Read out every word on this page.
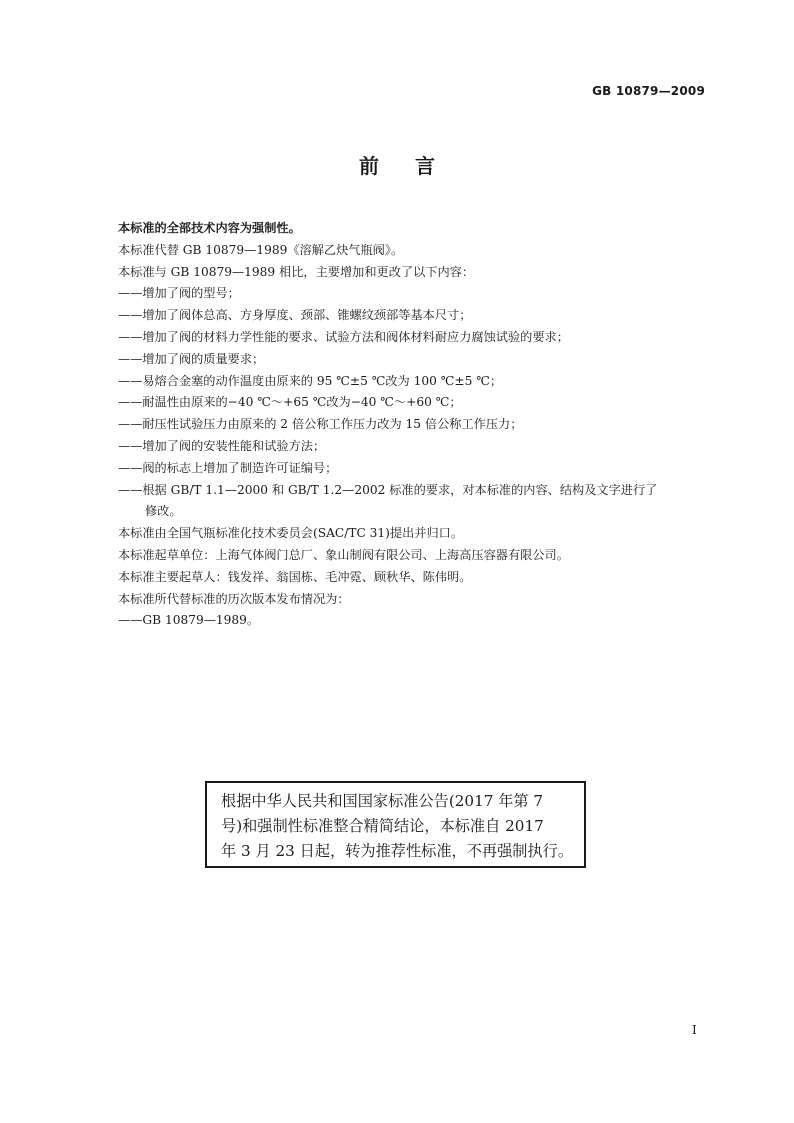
GB 10879—2009
前言
本标准的全部技术内容为强制性。
本标准代替 GB 10879—1989《溶解乙炔气瓶阀》。
本标准与 GB 10879—1989 相比，主要增加和更改了以下内容：
——增加了阀的型号；
——增加了阀体总高、方身厚度、颈部、锥螺纹颈部等基本尺寸；
——增加了阀的材料力学性能的要求、试验方法和阀体材料耐应力腐蚀试验的要求；
——增加了阀的质量要求；
——易熔合金塞的动作温度由原来的 95 ℃±5 ℃改为 100 ℃±5 ℃；
——耐温性由原来的−40 ℃～+65 ℃改为−40 ℃～+60 ℃；
——耐压性试验压力由原来的 2 倍公称工作压力改为 15 倍公称工作压力；
——增加了阀的安装性能和试验方法；
——阀的标志上增加了制造许可证编号；
——根据 GB/T 1.1—2000 和 GB/T 1.2—2002 标准的要求，对本标准的内容、结构及文字进行了
修改。
本标准由全国气瓶标准化技术委员会(SAC/TC 31)提出并归口。
本标准起草单位：上海气体阀门总厂、象山制阀有限公司、上海高压容器有限公司。
本标准主要起草人：钱发祥、翁国栋、毛冲霓、顾秋华、陈伟明。
本标准所代替标准的历次版本发布情况为：
——GB 10879—1989。
根据中华人民共和国国家标准公告(2017 年第 7
号)和强制性标准整合精简结论，本标准自 2017
年 3 月 23 日起，转为推荐性标准，不再强制执行。
I
